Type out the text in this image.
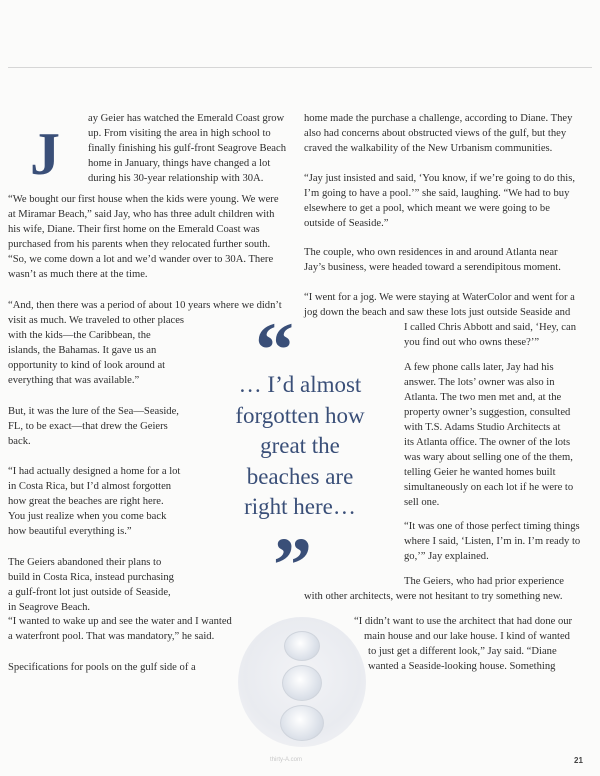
J

ay Geier has watched the Emerald Coast grow

up. From visiting the area in high school to

finally finishing his gulf-front Seagrove Beach

home in January, things have changed a lot

during his 30-year relationship with 30A.

“We bought our first house when the kids were young. We were

at Miramar Beach,” said Jay, who has three adult children with

his wife, Diane. Their first home on the Emerald Coast was

purchased from his parents when they relocated further south.

“So, we come down a lot and we’d wander over to 30A. There

wasn’t as much there at the time.

“And, then there was a period of about 10 years where we didn’t

visit as much. We traveled to other places

with the kids—the Caribbean, the

islands, the Bahamas. It gave us an

opportunity to kind of look around at

everything that was available.”

But, it was the lure of the Sea—Seaside,

FL, to be exact—that drew the Geiers

back.

“I had actually designed a home for a lot

in Costa Rica, but I’d almost forgotten

how great the beaches are right here.

You just realize when you come back

how beautiful everything is.”

The Geiers abandoned their plans to

build in Costa Rica, instead purchasing

a gulf-front lot just outside of Seaside,

in Seagrove Beach.

“I wanted to wake up and see the water and I wanted

a waterfront pool. That was mandatory,” he said.

Specifications for pools on the gulf side of a

home made the purchase a challenge, according to Diane. They

also had concerns about obstructed views of the gulf, but they

craved the walkability of the New Urbanism communities.

“Jay just insisted and said, ‘You know, if we’re going to do this,

I’m going to have a pool.’” she said, laughing. “We had to buy

elsewhere to get a pool, which meant we were going to be

outside of Seaside.”

The couple, who own residences in and around Atlanta near

Jay’s business, were headed toward a serendipitous moment.

“I went for a jog. We were staying at WaterColor and went for a

jog down the beach and saw these lots just outside Seaside and

I called Chris Abbott and said, ‘Hey, can

you find out who owns these?’”

A few phone calls later, Jay had his

answer. The lots’ owner was also in

Atlanta. The two men met and, at the

property owner’s suggestion, consulted

with T.S. Adams Studio Architects at

its Atlanta office. The owner of the lots

was wary about selling one of the them,

telling Geier he wanted homes built

simultaneously on each lot if he were to

sell one.

“It was one of those perfect timing things

where I said, ‘Listen, I’m in. I’m ready to

go,’” Jay explained.

The Geiers, who had prior experience

with other architects, were not hesitant to try something new.

“I didn’t want to use the architect that had done our

main house and our lake house. I kind of wanted

to just get a different look,” Jay said. “Diane

wanted a Seaside-looking house. Something

“
… I’d almost
forgotten how
great the
beaches are
right here…
”
thirty-A.com	21
